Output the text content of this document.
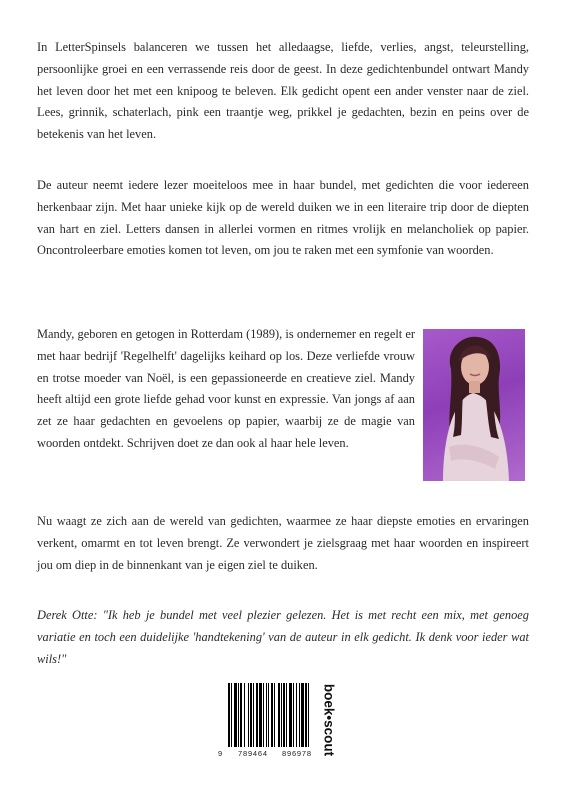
In LetterSpinsels balanceren we tussen het alledaagse, liefde, verlies, angst, teleurstelling, persoonlijke groei en een verrassende reis door de geest. In deze gedichtenbundel ontwart Mandy het leven door het met een knipoog te beleven. Elk gedicht opent een ander venster naar de ziel. Lees, grinnik, schaterlach, pink een traantje weg, prikkel je gedachten, bezin en peins over de betekenis van het leven.

De auteur neemt iedere lezer moeiteloos mee in haar bundel, met gedichten die voor iedereen herkenbaar zijn. Met haar unieke kijk op de wereld duiken we in een literaire trip door de diepten van hart en ziel. Letters dansen in allerlei vormen en ritmes vrolijk en melancholiek op papier. Oncontroleerbare emoties komen tot leven, om jou te raken met een symfonie van woorden.

Mandy, geboren en getogen in Rotterdam (1989), is ondernemer en regelt er met haar bedrijf 'Regelhelft' dagelijks keihard op los. Deze verliefde vrouw en trotse moeder van Noël, is een gepassioneerde en creatieve ziel. Mandy heeft altijd een grote liefde gehad voor kunst en expressie. Van jongs af aan zet ze haar gedachten en gevoelens op papier, waarbij ze de magie van woorden ontdekt. Schrijven doet ze dan ook al haar hele leven.

Nu waagt ze zich aan de wereld van gedichten, waarmee ze haar diepste emoties en ervaringen verkent, omarmt en tot leven brengt. Ze verwondert je zielsgraag met haar woorden en inspireert jou om diep in de binnenkant van je eigen ziel te duiken.

Derek Otte: "Ik heb je bundel met veel plezier gelezen. Het is met recht een mix, met genoeg variatie en toch een duidelijke 'handtekening' van de auteur in elk gedicht. Ik denk voor ieder wat wils!"

9 789464 896978 boek•scout
